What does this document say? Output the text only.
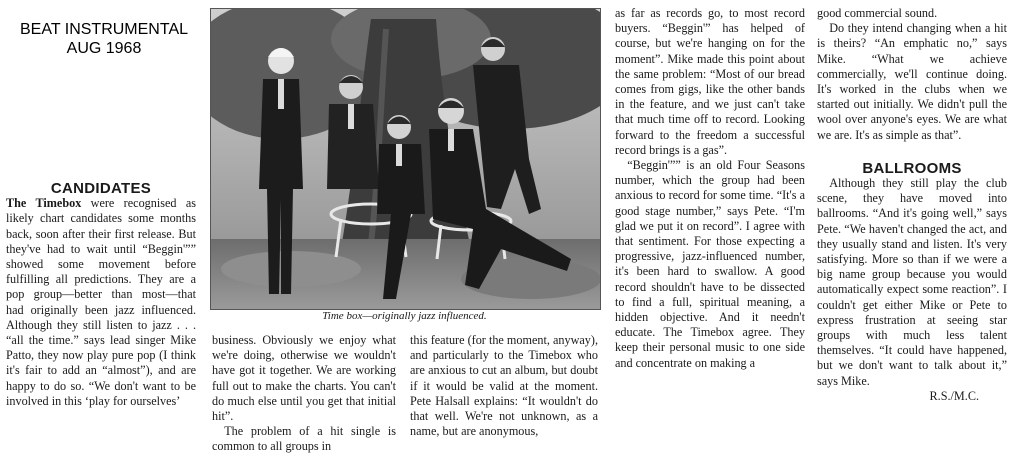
BEAT INSTRUMENTAL
AUG 1968

CANDIDATES

The Timebox were recognised as likely chart candidates some months back, soon after their first release. But they've had to wait until “Beggin'”” showed some movement before fulfilling all predictions. They are a pop group—better than most—that had originally been jazz influenced. Although they still listen to jazz . . . “all the time.” says lead singer Mike Patto, they now play pure pop (I think it's fair to add an “almost”), and are happy to do so. “We don't want to be involved in this ‘play for ourselves’

Time box—originally jazz influenced.

business. Obviously we enjoy what we're doing, otherwise we wouldn't have got it together. We are working full out to make the charts. You can't do much else until you get that initial hit”.

The problem of a hit single is common to all groups in

this feature (for the moment, anyway), and particularly to the Timebox who are anxious to cut an album, but doubt if it would be valid at the moment. Pete Halsall explains: “It wouldn't do that well. We're not unknown, as a name, but are anonymous,

as far as records go, to most record buyers. “Beggin'” has helped of course, but we're hanging on for the moment”. Mike made this point about the same problem: “Most of our bread comes from gigs, like the other bands in the feature, and we just can't take that much time off to record. Looking forward to the freedom a successful record brings is a gas”.

“Beggin'”” is an old Four Seasons number, which the group had been anxious to record for some time. “It's a good stage number,” says Pete. “I'm glad we put it on record”. I agree with that sentiment. For those expecting a progressive, jazz-influenced number, it's been hard to swallow. A good record shouldn't have to be dissected to find a full, spiritual meaning, a hidden objective. And it needn't educate. The Timebox agree. They keep their personal music to one side and concentrate on making a

good commercial sound.

Do they intend changing when a hit is theirs? “An emphatic no,” says Mike. “What we achieve commercially, we'll continue doing. It's worked in the clubs when we started out initially. We didn't pull the wool over anyone's eyes. We are what we are. It's as simple as that”.

BALLROOMS

Although they still play the club scene, they have moved into ballrooms. “And it's going well,” says Pete. “We haven't changed the act, and they usually stand and listen. It's very satisfying. More so than if we were a big name group because you would automatically expect some reaction”. I couldn't get either Mike or Pete to express frustration at seeing star groups with much less talent themselves. “It could have happened, but we don't want to talk about it,” says Mike.
R.S./M.C.
